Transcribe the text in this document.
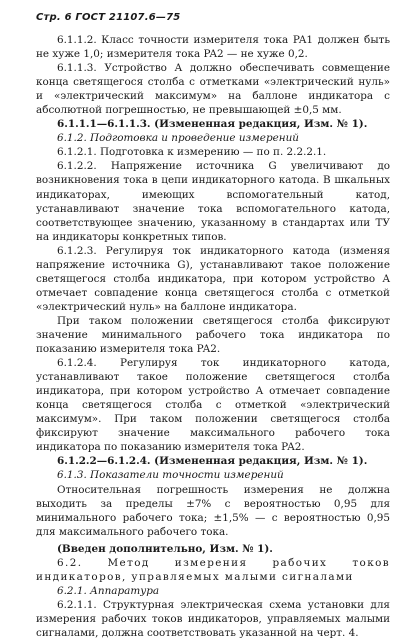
Стр. 6 ГОСТ 21107.6—75

6.1.1.2. Класс точности измерителя тока PA1 должен быть не хуже 1,0; измерителя тока PA2 — не хуже 0,2.

6.1.1.3. Устройство A должно обеспечивать совмещение конца светящегося столба с отметками «электрический нуль» и «электрический максимум» на баллоне индикатора с абсолютной погрешностью, не превышающей ±0,5 мм.

6.1.1.1—6.1.1.3. (Измененная редакция, Изм. № 1).

6.1.2. Подготовка и проведение измерений

6.1.2.1. Подготовка к измерению — по п. 2.2.2.1.

6.1.2.2. Напряжение источника G увеличивают до возникновения тока в цепи индикаторного катода. В шкальных индикаторах, имеющих вспомогательный катод, устанавливают значение тока вспомогательного катода, соответствующее значению, указанному в стандартах или ТУ на индикаторы конкретных типов.

6.1.2.3. Регулируя ток индикаторного катода (изменяя напряжение источника G), устанавливают такое положение светящегося столба индикатора, при котором устройство A отмечает совпадение конца светящегося столба с отметкой «электрический нуль» на баллоне индикатора.

При таком положении светящегося столба фиксируют значение минимального рабочего тока индикатора по показанию измерителя тока PA2.

6.1.2.4. Регулируя ток индикаторного катода, устанавливают такое положение светящегося столба индикатора, при котором устройство A отмечает совпадение конца светящегося столба с отметкой «электрический максимум». При таком положении светящегося столба фиксируют значение максимального рабочего тока индикатора по показанию измерителя тока PA2.

6.1.2.2—6.1.2.4. (Измененная редакция, Изм. № 1).

6.1.3. Показатели точности измерений

Относительная погрешность измерения не должна выходить за пределы ±7% с вероятностью 0,95 для минимального рабочего тока; ±1,5% — с вероятностью 0,95 для максимального рабочего тока.

(Введен дополнительно, Изм. № 1).

6.2. Метод измерения рабочих токов индикаторов, управляемых малыми сигналами

6.2.1. Аппаратура

6.2.1.1. Структурная электрическая схема установки для измерения рабочих токов индикаторов, управляемых малыми сигналами, должна соответствовать указанной на черт. 4.
